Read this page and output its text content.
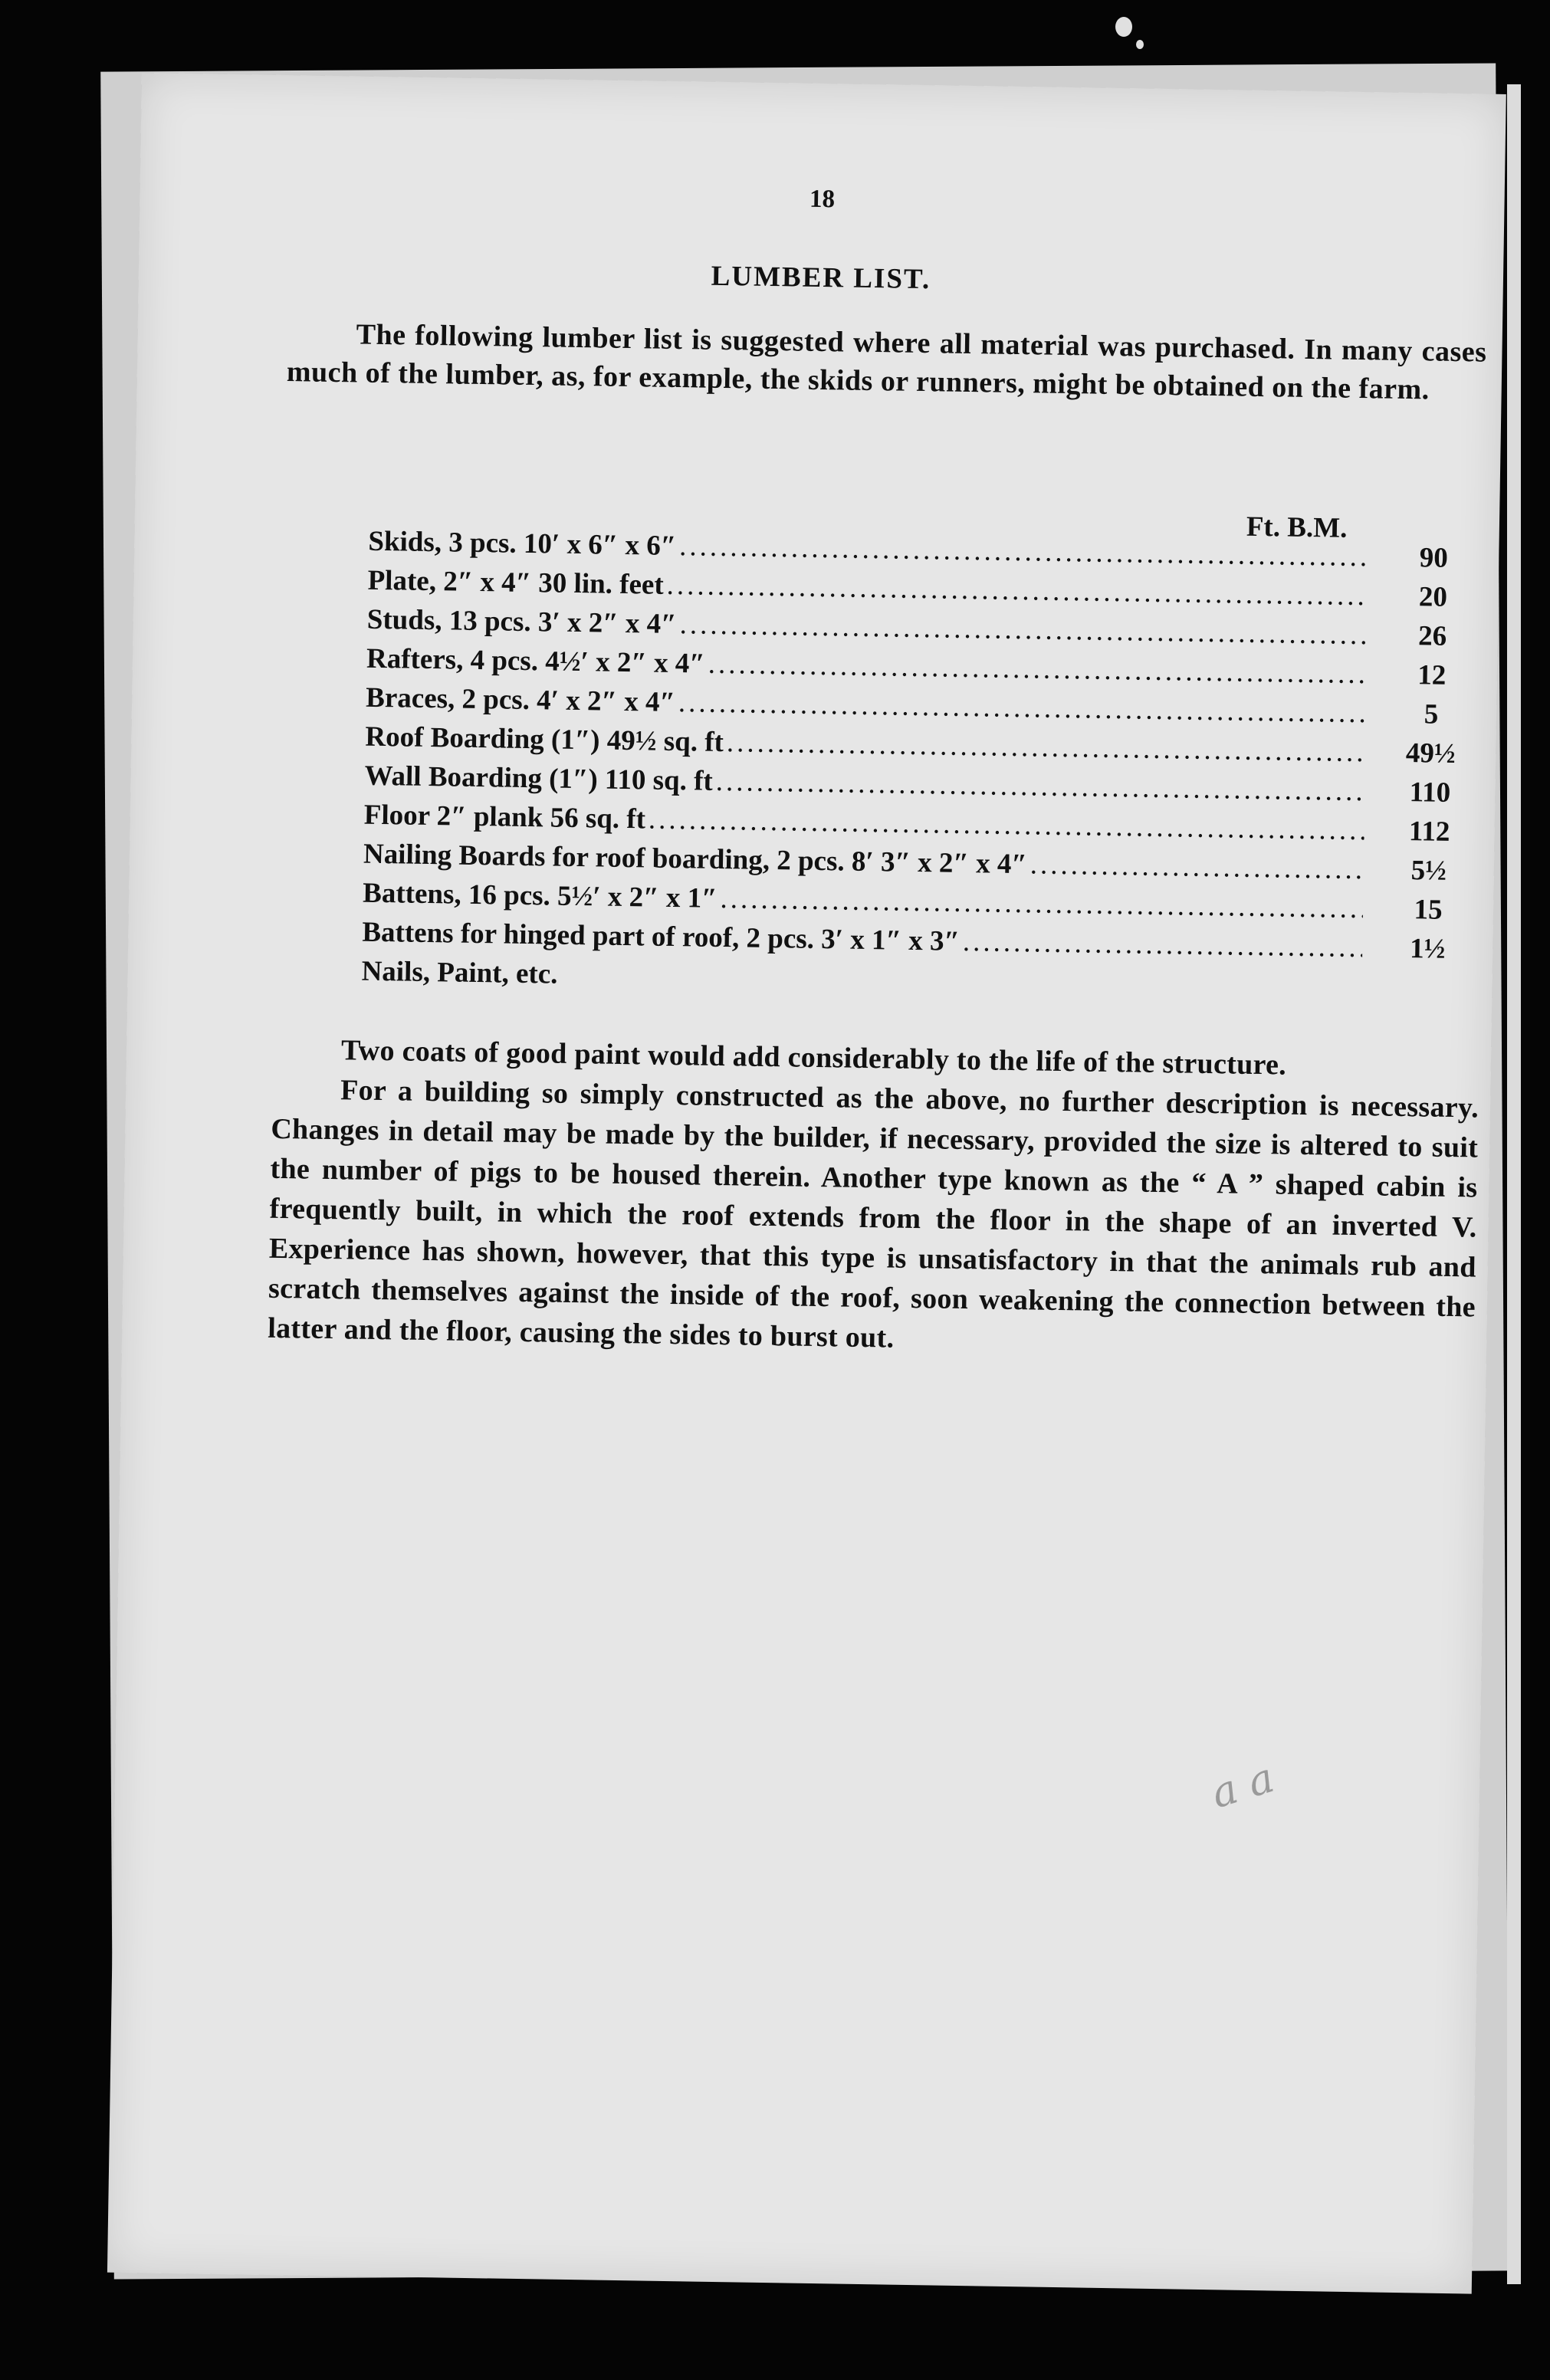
18
LUMBER LIST.
The following lumber list is suggested where all material was purchased. In many cases much of the lumber, as, for example, the skids or runners, might be obtained on the farm.
Ft. B.M.
Skids, 3 pcs. 10′ x 6″ x 6″ .....	90
Plate, 2″ x 4″ 30 lin. feet .....	20
Studs, 13 pcs. 3′ x 2″ x 4″ .....	26
Rafters, 4 pcs. 4½′ x 2″ x 4″ .....	12
Braces, 2 pcs. 4′ x 2″ x 4″ .....	5
Roof Boarding (1″) 49½ sq. ft .....	49½
Wall Boarding (1″) 110 sq. ft .....	110
Floor 2″ plank 56 sq. ft .....	112
Nailing Boards for roof boarding, 2 pcs. 8′ 3″ x 2″ x 4″ .....	5½
Battens, 16 pcs. 5½′ x 2″ x 1″ .....	15
Battens for hinged part of roof, 2 pcs. 3′ x 1″ x 3″ .....	1½
Nails, Paint, etc.

Two coats of good paint would add considerably to the life of the structure.

For a building so simply constructed as the above, no further description is necessary. Changes in detail may be made by the builder, if necessary, provided the size is altered to suit the number of pigs to be housed therein. Another type known as the “ A ” shaped cabin is frequently built, in which the roof extends from the floor in the shape of an inverted V. Experience has shown, however, that this type is unsatisfactory in that the animals rub and scratch themselves against the inside of the roof, soon weakening the connection between the latter and the floor, causing the sides to burst out.

a a
